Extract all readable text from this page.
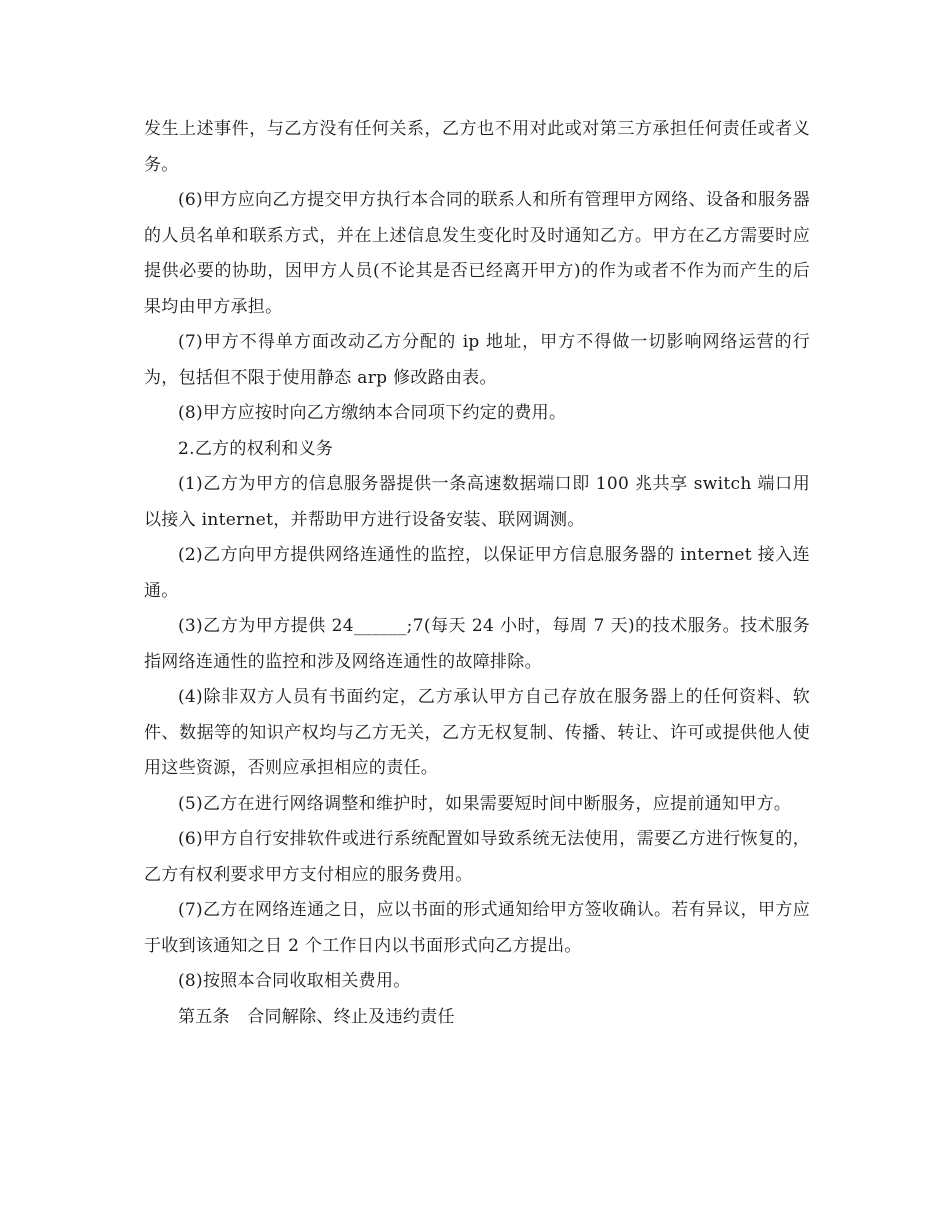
发生上述事件，与乙方没有任何关系，乙方也不用对此或对第三方承担任何责任或者义务。

(6)甲方应向乙方提交甲方执行本合同的联系人和所有管理甲方网络、设备和服务器的人员名单和联系方式，并在上述信息发生变化时及时通知乙方。甲方在乙方需要时应提供必要的协助，因甲方人员(不论其是否已经离开甲方)的作为或者不作为而产生的后果均由甲方承担。

(7)甲方不得单方面改动乙方分配的 ip 地址，甲方不得做一切影响网络运营的行为，包括但不限于使用静态 arp 修改路由表。

(8)甲方应按时向乙方缴纳本合同项下约定的费用。

2.乙方的权利和义务

(1)乙方为甲方的信息服务器提供一条高速数据端口即 100 兆共享 switch 端口用以接入 internet，并帮助甲方进行设备安装、联网调测。

(2)乙方向甲方提供网络连通性的监控，以保证甲方信息服务器的 internet 接入连通。

(3)乙方为甲方提供 24______;7(每天 24 小时，每周 7 天)的技术服务。技术服务指网络连通性的监控和涉及网络连通性的故障排除。

(4)除非双方人员有书面约定，乙方承认甲方自己存放在服务器上的任何资料、软件、数据等的知识产权均与乙方无关，乙方无权复制、传播、转让、许可或提供他人使用这些资源，否则应承担相应的责任。

(5)乙方在进行网络调整和维护时，如果需要短时间中断服务，应提前通知甲方。

(6)甲方自行安排软件或进行系统配置如导致系统无法使用，需要乙方进行恢复的，乙方有权利要求甲方支付相应的服务费用。

(7)乙方在网络连通之日，应以书面的形式通知给甲方签收确认。若有异议，甲方应于收到该通知之日 2 个工作日内以书面形式向乙方提出。

(8)按照本合同收取相关费用。

第五条　合同解除、终止及违约责任
